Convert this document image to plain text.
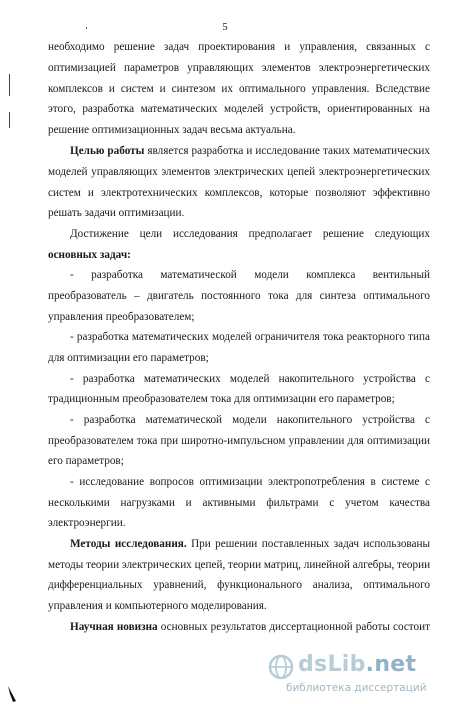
5
необходимо решение задач проектирования и управления, связанных с
оптимизацией параметров управляющих элементов электроэнергетических
комплексов и систем и синтезом их оптимального управления. Вследствие
этого, разработка математических моделей устройств, ориентированных на
решение оптимизационных задач весьма актуальна.
Целью работы является разработка и исследование таких математических
моделей управляющих элементов электрических цепей электроэнергетических
систем и электротехнических комплексов, которые позволяют эффективно
решать задачи оптимизации.
Достижение цели исследования предполагает решение следующих
основных задач:
- разработка математической модели комплекса вентильный
преобразователь – двигатель постоянного тока для синтеза оптимального
управления преобразователем;
- разработка математических моделей ограничителя тока реакторного типа
для оптимизации его параметров;
- разработка математических моделей накопительного устройства с
традиционным преобразователем тока для оптимизации его параметров;
- разработка математической модели накопительного устройства с
преобразователем тока при широтно-импульсном управлении для оптимизации
его параметров;
- исследование вопросов оптимизации электропотребления в системе с
несколькими нагрузками и активными фильтрами с учетом качества
электроэнергии.
Методы исследования. При решении поставленных задач использованы
методы теории электрических цепей, теории матриц, линейной алгебры, теории
дифференциальных уравнений, функционального анализа, оптимального
управления и компьютерного моделирования.
Научная новизна основных результатов диссертационной работы состоит
dsLib.net
библиотека диссертаций
